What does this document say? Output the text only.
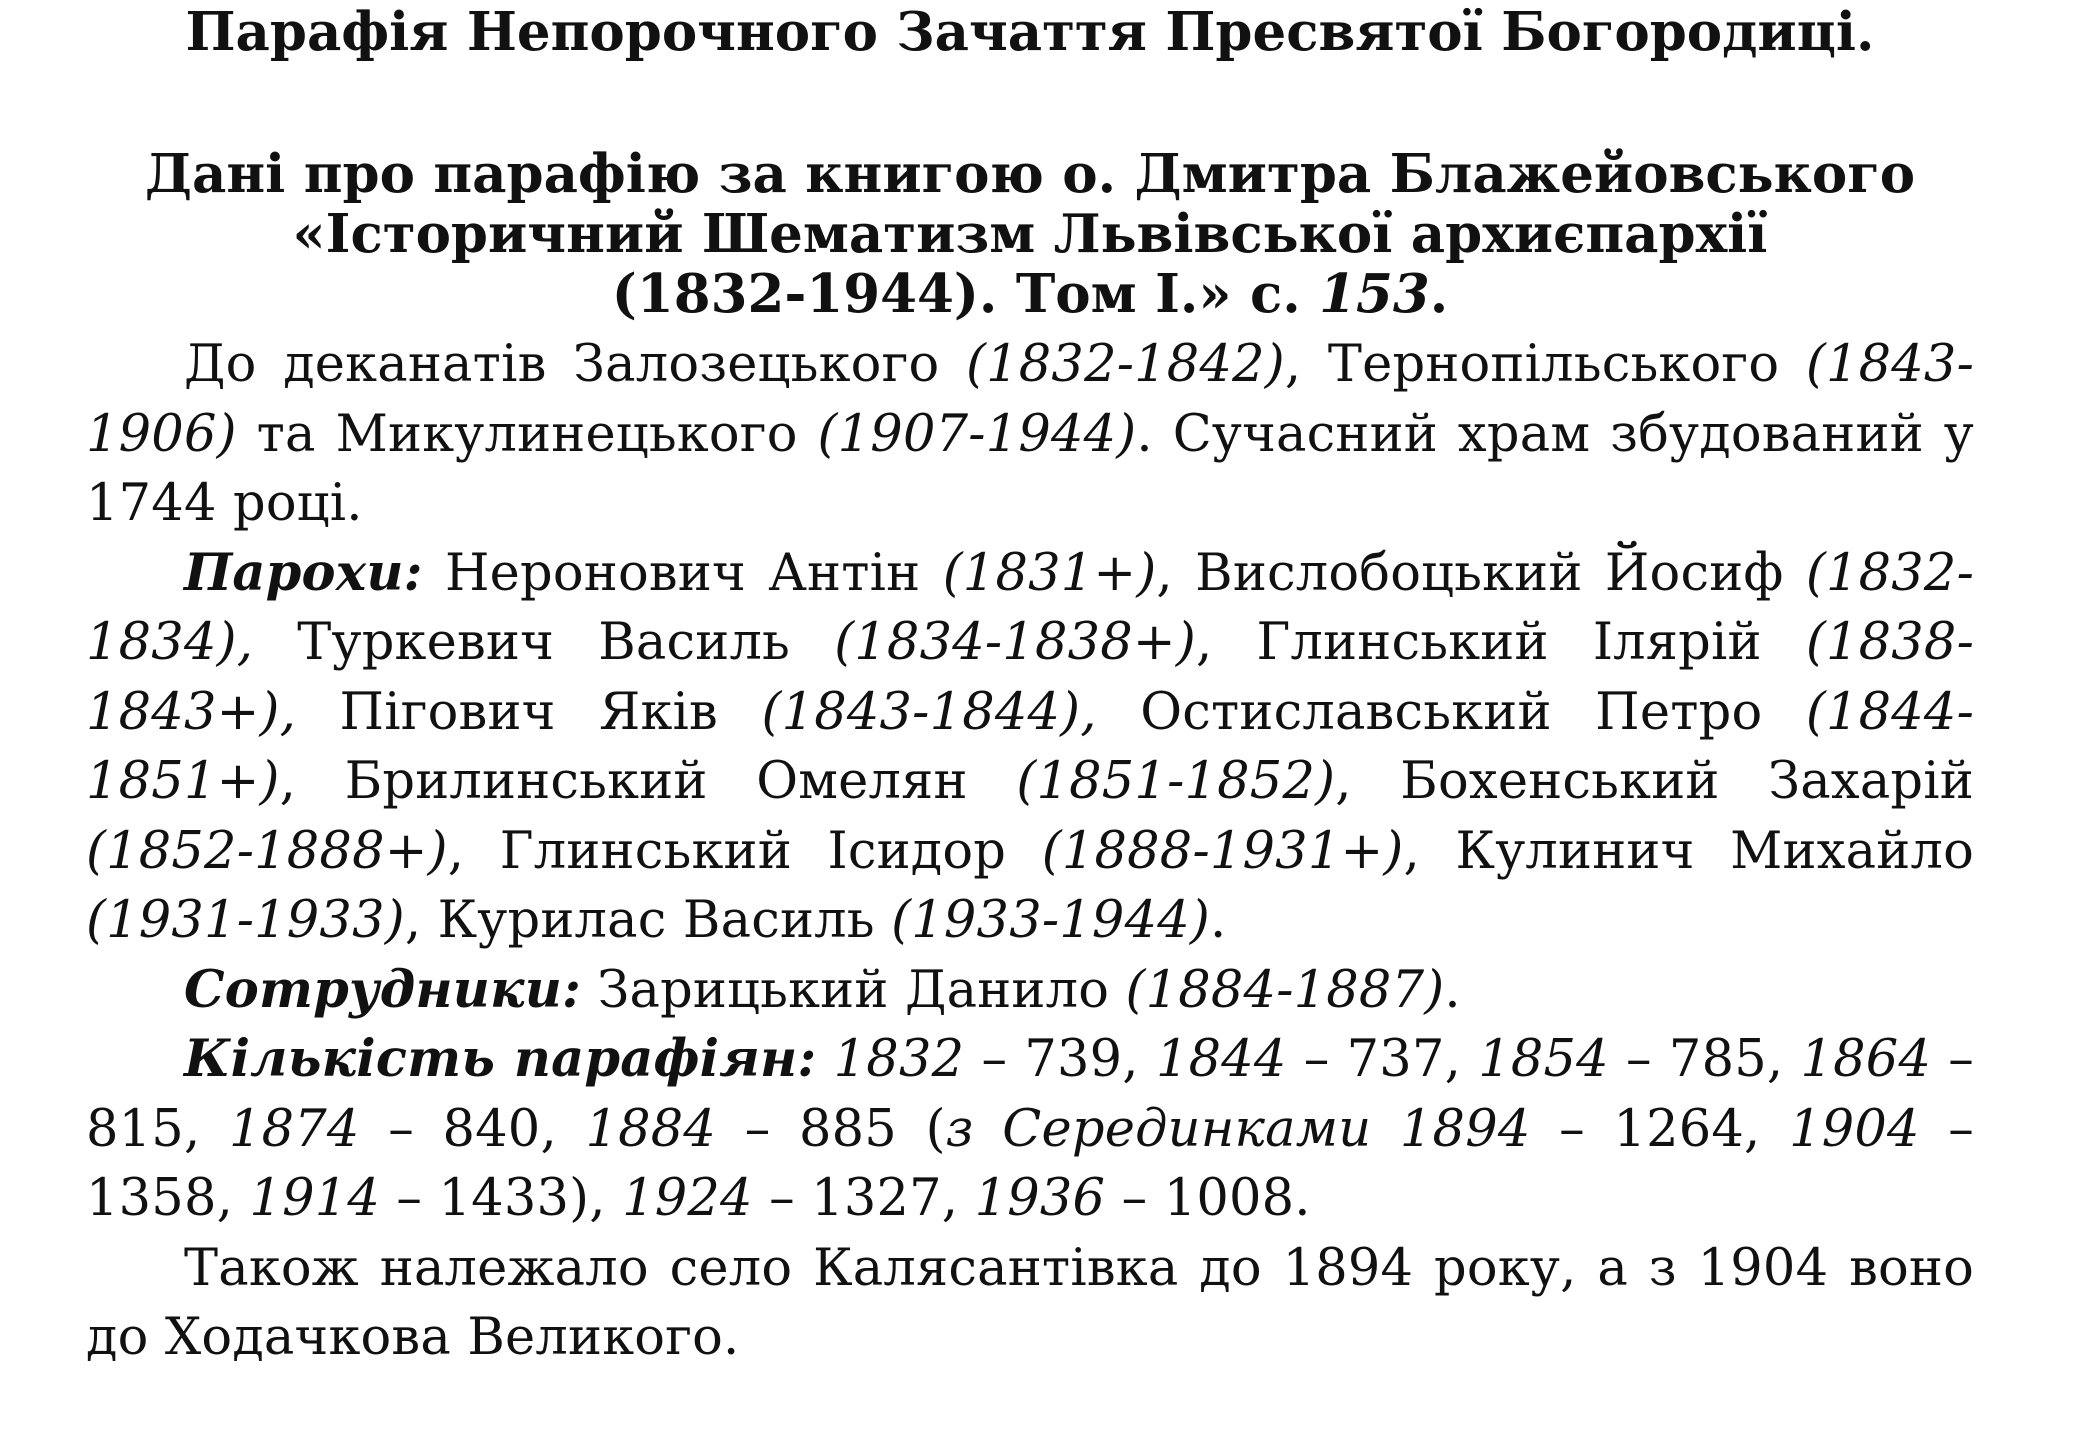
Парафія Непорочного Зачаття Пресвятої Богородиці.
Дані про парафію за книгою о. Дмитра Блажейовського
«Історичний Шематизм Львівської архиєпархії
(1832-1944). Том I.» с. 153.

До деканатів Залозецького (1832-1842), Тернопільського (1843-1906) та Микулинецького (1907-1944). Сучасний храм збудований у 1744 році.

Пароxи: Неронович Антін (1831+), Вислобоцький Йосиф (1832-1834), Туркевич Василь (1834-1838+), Глинський Ілярій (1838-1843+), Пігович Яків (1843-1844), Остиславський Петро (1844-1851+), Брилинський Омелян (1851-1852), Бохенський Захарій (1852-1888+), Глинський Ісидор (1888-1931+), Кулинич Михайло (1931-1933), Курилас Василь (1933-1944).

Сотрудники: Зарицький Данило (1884-1887).

Кількість парафіян: 1832 – 739, 1844 – 737, 1854 – 785, 1864 – 815, 1874 – 840, 1884 – 885 (з Серединками 1894 – 1264, 1904 – 1358, 1914 – 1433), 1924 – 1327, 1936 – 1008.

Також належало село Калясантівка до 1894 року, а з 1904 воно до Ходачкова Великого.
